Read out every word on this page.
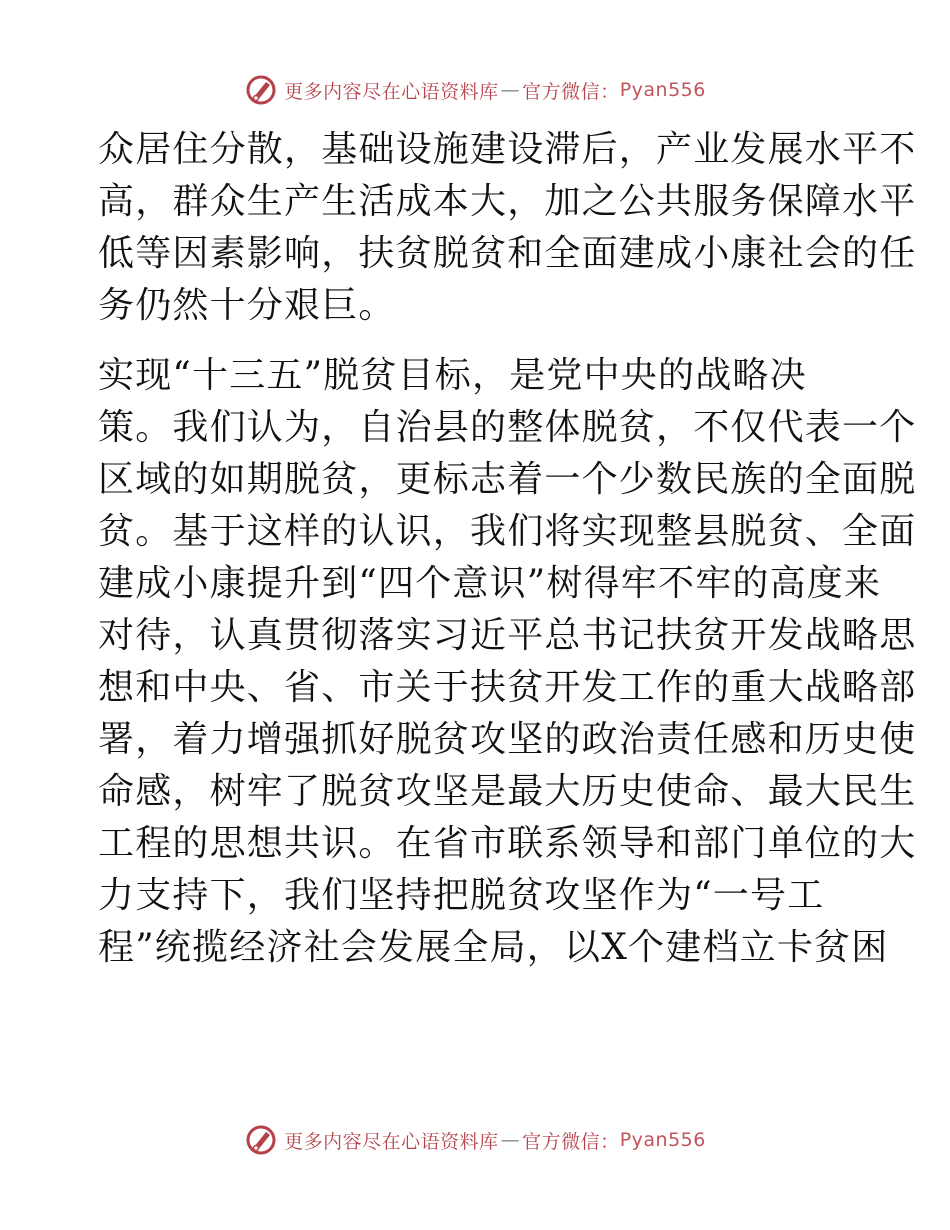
更多内容尽在心语资料库 — 官方微信： Pyan556

众居住分散，基础设施建设滞后，产业发展水平不
高，群众生产生活成本大，加之公共服务保障水平
低等因素影响，扶贫脱贫和全面建成小康社会的任
务仍然十分艰巨。

实现“十三五”脱贫目标，是党中央的战略决
策。我们认为，自治县的整体脱贫，不仅代表一个
区域的如期脱贫，更标志着一个少数民族的全面脱
贫。基于这样的认识，我们将实现整县脱贫、全面
建成小康提升到“四个意识”树得牢不牢的高度来
对待，认真贯彻落实习近平总书记扶贫开发战略思
想和中央、省、市关于扶贫开发工作的重大战略部
署，着力增强抓好脱贫攻坚的政治责任感和历史使
命感，树牢了脱贫攻坚是最大历史使命、最大民生
工程的思想共识。在省市联系领导和部门单位的大
力支持下，我们坚持把脱贫攻坚作为“一号工
程”统揽经济社会发展全局，以X个建档立卡贫困

更多内容尽在心语资料库 — 官方微信： Pyan556
